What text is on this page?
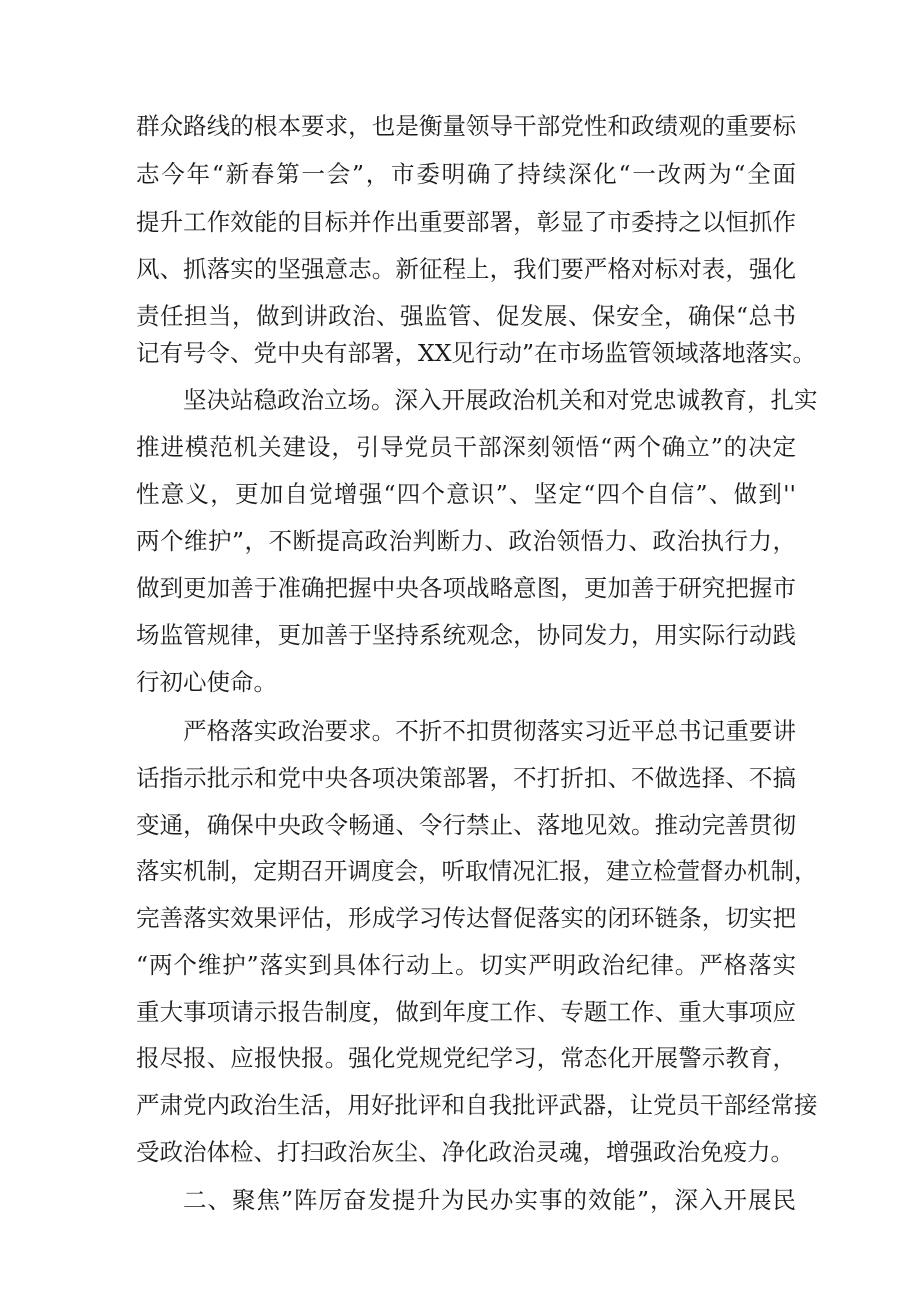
群众路线的根本要求，也是衡量领导干部党性和政绩观的重要标
志今年“新春第一会”，市委明确了持续深化“一改两为“全面
提升工作效能的目标并作出重要部署，彰显了市委持之以恒抓作
风、抓落实的坚强意志。新征程上，我们要严格对标对表，强化
责任担当，做到讲政治、强监管、促发展、保安全，确保“总书
记有号令、党中央有部署，XX见行动”在市场监管领域落地落实。
坚决站稳政治立场。深入开展政治机关和对党忠诚教育，扎实
推进模范机关建设，引导党员干部深刻领悟“两个确立”的决定
性意义，更加自觉增强“四个意识”、坚定“四个自信”、做到''
两个维护”，不断提高政治判断力、政治领悟力、政治执行力，
做到更加善于准确把握中央各项战略意图，更加善于研究把握市
场监管规律，更加善于坚持系统观念，协同发力，用实际行动践
行初心使命。
严格落实政治要求。不折不扣贯彻落实习近平总书记重要讲
话指示批示和党中央各项决策部署，不打折扣、不做选择、不搞
变通，确保中央政令畅通、令行禁止、落地见效。推动完善贯彻
落实机制，定期召开调度会，听取情况汇报，建立检萱督办机制，
完善落实效果评估，形成学习传达督促落实的闭环链条，切实把
“两个维护”落实到具体行动上。切实严明政治纪律。严格落实
重大事项请示报告制度，做到年度工作、专题工作、重大事项应
报尽报、应报快报。强化党规党纪学习，常态化开展警示教育，
严肃党内政治生活，用好批评和自我批评武器，让党员干部经常接
受政治体检、打扫政治灰尘、净化政治灵魂，增强政治免疫力。
二、聚焦”阵厉奋发提升为民办实事的效能”，深入开展民
